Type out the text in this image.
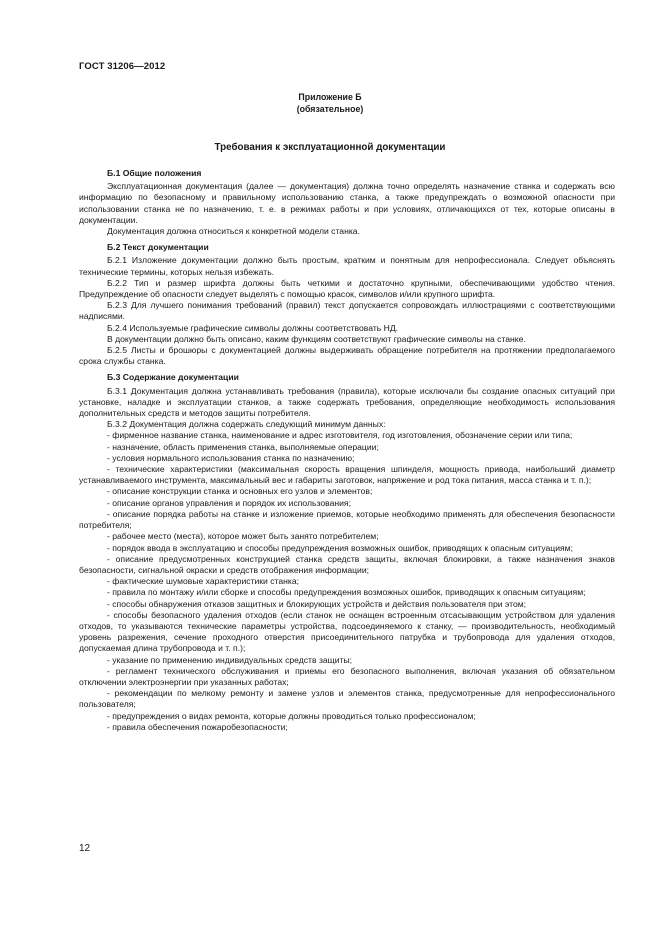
ГОСТ 31206—2012
Приложение Б
(обязательное)
Требования к эксплуатационной документации
Б.1 Общие положения

Эксплуатационная документация (далее — документация) должна точно определять назначение станка и содержать всю информацию по безопасному и правильному использованию станка, а также предупреждать о возможной опасности при использовании станка не по назначению, т. е. в режимах работы и при условиях, отличающихся от тех, которые описаны в документации.

Документация должна относиться к конкретной модели станка.

Б.2 Текст документации

Б.2.1 Изложение документации должно быть простым, кратким и понятным для непрофессионала. Следует объяснять технические термины, которых нельзя избежать.

Б.2.2 Тип и размер шрифта должны быть четкими и достаточно крупными, обеспечивающими удобство чтения. Предупреждение об опасности следует выделять с помощью красок, символов и/или крупного шрифта.

Б.2.3 Для лучшего понимания требований (правил) текст допускается сопровождать иллюстрациями с соответствующими надписями.

Б.2.4 Используемые графические символы должны соответствовать НД.

В документации должно быть описано, каким функциям соответствуют графические символы на станке.

Б.2.5 Листы и брошюры с документацией должны выдерживать обращение потребителя на протяжении предполагаемого срока службы станка.

Б.3 Содержание документации

Б.3.1 Документация должна устанавливать требования (правила), которые исключали бы создание опасных ситуаций при установке, наладке и эксплуатации станков, а также содержать требования, определяющие необходимость использования дополнительных средств и методов защиты потребителя.

Б.3.2 Документация должна содержать следующий минимум данных:

- фирменное название станка, наименование и адрес изготовителя, год изготовления, обозначение серии или типа;

- назначение, область применения станка, выполняемые операции;

- условия нормального использования станка по назначению;

- технические характеристики (максимальная скорость вращения шпинделя, мощность привода, наибольший диаметр устанавливаемого инструмента, максимальный вес и габариты заготовок, напряжение и род тока питания, масса станка и т. п.);

- описание конструкции станка и основных его узлов и элементов;

- описание органов управления и порядок их использования;

- описание порядка работы на станке и изложение приемов, которые необходимо применять для обеспечения безопасности потребителя;

- рабочее место (места), которое может быть занято потребителем;

- порядок ввода в эксплуатацию и способы предупреждения возможных ошибок, приводящих к опасным ситуациям;

- описание предусмотренных конструкцией станка средств защиты, включая блокировки, а также назначения знаков безопасности, сигнальной окраски и средств отображения информации;

- фактические шумовые характеристики станка;

- правила по монтажу и/или сборке и способы предупреждения возможных ошибок, приводящих к опасным ситуациям;

- способы обнаружения отказов защитных и блокирующих устройств и действия пользователя при этом;

- способы безопасного удаления отходов (если станок не оснащен встроенным отсасывающим устройством для удаления отходов, то указываются технические параметры устройства, подсоединяемого к станку, — производительность, необходимый уровень разрежения, сечение проходного отверстия присоединительного патрубка и трубопровода для удаления отходов, допускаемая длина трубопровода и т. п.);

- указание по применению индивидуальных средств защиты;

- регламент технического обслуживания и приемы его безопасного выполнения, включая указания об обязательном отключении электроэнергии при указанных работах;

- рекомендации по мелкому ремонту и замене узлов и элементов станка, предусмотренные для непрофессионального пользователя;

- предупреждения о видах ремонта, которые должны проводиться только профессионалом;

- правила обеспечения пожаробезопасности;

12
